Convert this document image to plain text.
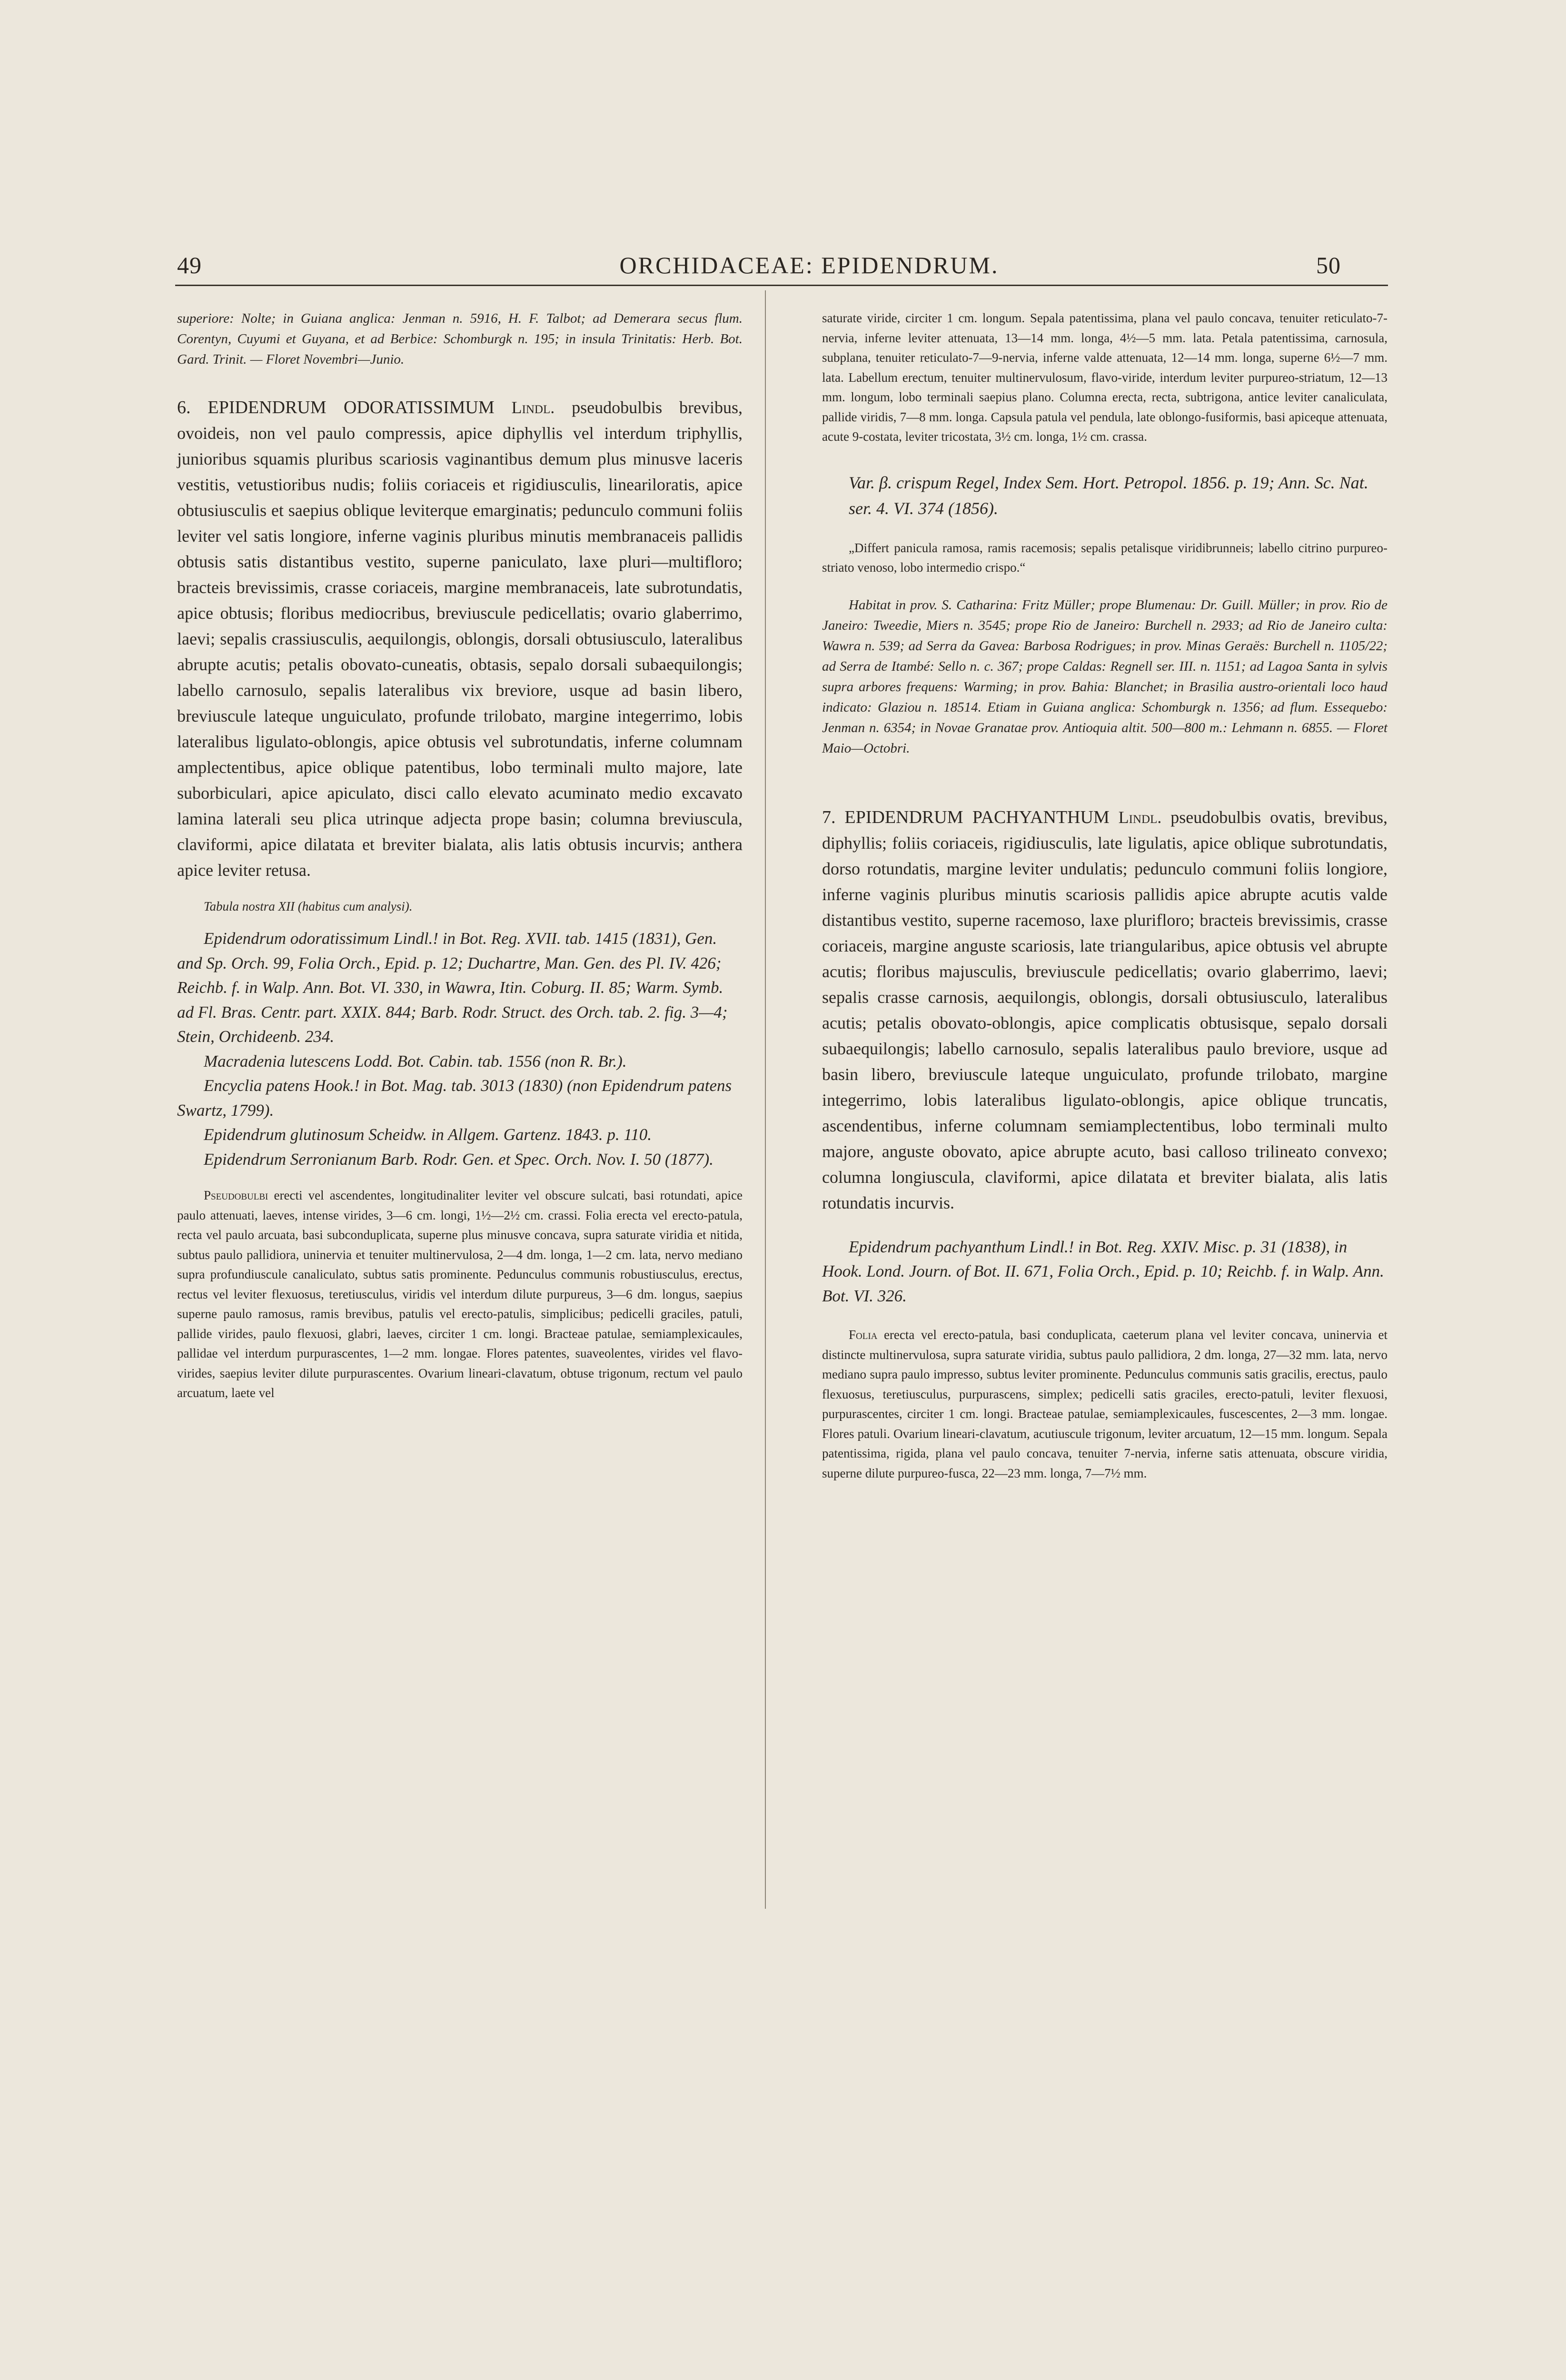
49	ORCHIDACEAE: EPIDENDRUM.	50

superiore: Nolte; in Guiana anglica: Jenman n. 5916, H. F. Talbot; ad Demerara secus flum. Corentyn, Cuyumi et Guyana, et ad Berbice: Schomburgk n. 195; in insula Trinitatis: Herb. Bot. Gard. Trinit. — Floret Novembri—Junio.

6. EPIDENDRUM ODORATISSIMUM Lindl. pseudobulbis brevibus, ovoideis, non vel paulo compressis, apice diphyllis vel interdum triphyllis, junioribus squamis pluribus scariosis vaginantibus demum plus minusve laceris vestitis, vetustioribus nudis; foliis coriaceis et rigidiusculis, lineariloratis, apice obtusiusculis et saepius oblique leviterque emarginatis; pedunculo communi foliis leviter vel satis longiore, inferne vaginis pluribus minutis membranaceis pallidis obtusis satis distantibus vestito, superne paniculato, laxe pluri—multifloro; bracteis brevissimis, crasse coriaceis, margine membranaceis, late subrotundatis, apice obtusis; floribus mediocribus, breviuscule pedicellatis; ovario glaberrimo, laevi; sepalis crassiusculis, aequilongis, oblongis, dorsali obtusiusculo, lateralibus abrupte acutis; petalis obovato-cuneatis, obtasis, sepalo dorsali subaequilongis; labello carnosulo, sepalis lateralibus vix breviore, usque ad basin libero, breviuscule lateque unguiculato, profunde trilobato, margine integerrimo, lobis lateralibus ligulato-oblongis, apice obtusis vel subrotundatis, inferne columnam amplectentibus, apice oblique patentibus, lobo terminali multo majore, late suborbiculari, apice apiculato, disci callo elevato acuminato medio excavato lamina laterali seu plica utrinque adjecta prope basin; columna breviuscula, claviformi, apice dilatata et breviter bialata, alis latis obtusis incurvis; anthera apice leviter retusa.

Tabula nostra XII (habitus cum analysi).

Epidendrum odoratissimum Lindl.! in Bot. Reg. XVII. tab. 1415 (1831), Gen. and Sp. Orch. 99, Folia Orch., Epid. p. 12; Duchartre, Man. Gen. des Pl. IV. 426; Reichb. f. in Walp. Ann. Bot. VI. 330, in Wawra, Itin. Coburg. II. 85; Warm. Symb. ad Fl. Bras. Centr. part. XXIX. 844; Barb. Rodr. Struct. des Orch. tab. 2. fig. 3—4; Stein, Orchideenb. 234.

Macradenia lutescens Lodd. Bot. Cabin. tab. 1556 (non R. Br.).

Encyclia patens Hook.! in Bot. Mag. tab. 3013 (1830) (non Epidendrum patens Swartz, 1799).

Epidendrum glutinosum Scheidw. in Allgem. Gartenz. 1843. p. 110.

Epidendrum Serronianum Barb. Rodr. Gen. et Spec. Orch. Nov. I. 50 (1877).

Pseudobulbi erecti vel ascendentes, longitudinaliter leviter vel obscure sulcati, basi rotundati, apice paulo attenuati, laeves, intense virides, 3—6 cm. longi, 1½—2½ cm. crassi. Folia erecta vel erecto-patula, recta vel paulo arcuata, basi subconduplicata, superne plus minusve concava, supra saturate viridia et nitida, subtus paulo pallidiora, uninervia et tenuiter multinervulosa, 2—4 dm. longa, 1—2 cm. lata, nervo mediano supra profundiuscule canaliculato, subtus satis prominente. Pedunculus communis robustiusculus, erectus, rectus vel leviter flexuosus, teretiusculus, viridis vel interdum dilute purpureus, 3—6 dm. longus, saepius superne paulo ramosus, ramis brevibus, patulis vel erecto-patulis, simplicibus; pedicelli graciles, patuli, pallide virides, paulo flexuosi, glabri, laeves, circiter 1 cm. longi. Bracteae patulae, semiamplexicaules, pallidae vel interdum purpurascentes, 1—2 mm. longae. Flores patentes, suaveolentes, virides vel flavo-virides, saepius leviter dilute purpurascentes. Ovarium lineari-clavatum, obtuse trigonum, rectum vel paulo arcuatum, laete vel

saturate viride, circiter 1 cm. longum. Sepala patentissima, plana vel paulo concava, tenuiter reticulato-7-nervia, inferne leviter attenuata, 13—14 mm. longa, 4½—5 mm. lata. Petala patentissima, carnosula, subplana, tenuiter reticulato-7—9-nervia, inferne valde attenuata, 12—14 mm. longa, superne 6½—7 mm. lata. Labellum erectum, tenuiter multinervulosum, flavo-viride, interdum leviter purpureo-striatum, 12—13 mm. longum, lobo terminali saepius plano. Columna erecta, recta, subtrigona, antice leviter canaliculata, pallide viridis, 7—8 mm. longa. Capsula patula vel pendula, late oblongo-fusiformis, basi apiceque attenuata, acute 9-costata, leviter tricostata, 3½ cm. longa, 1½ cm. crassa.

Var. β. crispum Regel, Index Sem. Hort. Petropol. 1856. p. 19; Ann. Sc. Nat. ser. 4. VI. 374 (1856).

„Differt panicula ramosa, ramis racemosis; sepalis petalisque viridibrunneis; labello citrino purpureo-striato venoso, lobo intermedio crispo.“

Habitat in prov. S. Catharina: Fritz Müller; prope Blumenau: Dr. Guill. Müller; in prov. Rio de Janeiro: Tweedie, Miers n. 3545; prope Rio de Janeiro: Burchell n. 2933; ad Rio de Janeiro culta: Wawra n. 539; ad Serra da Gavea: Barbosa Rodrigues; in prov. Minas Geraës: Burchell n. 1105/22; ad Serra de Itambé: Sello n. c. 367; prope Caldas: Regnell ser. III. n. 1151; ad Lagoa Santa in sylvis supra arbores frequens: Warming; in prov. Bahia: Blanchet; in Brasilia austro-orientali loco haud indicato: Glaziou n. 18514. Etiam in Guiana anglica: Schomburgk n. 1356; ad flum. Essequebo: Jenman n. 6354; in Novae Granatae prov. Antioquia altit. 500—800 m.: Lehmann n. 6855. — Floret Maio—Octobri.

7. EPIDENDRUM PACHYANTHUM Lindl. pseudobulbis ovatis, brevibus, diphyllis; foliis coriaceis, rigidiusculis, late ligulatis, apice oblique subrotundatis, dorso rotundatis, margine leviter undulatis; pedunculo communi foliis longiore, inferne vaginis pluribus minutis scariosis pallidis apice abrupte acutis valde distantibus vestito, superne racemoso, laxe plurifloro; bracteis brevissimis, crasse coriaceis, margine anguste scariosis, late triangularibus, apice obtusis vel abrupte acutis; floribus majusculis, breviuscule pedicellatis; ovario glaberrimo, laevi; sepalis crasse carnosis, aequilongis, oblongis, dorsali obtusiusculo, lateralibus acutis; petalis obovato-oblongis, apice complicatis obtusisque, sepalo dorsali subaequilongis; labello carnosulo, sepalis lateralibus paulo breviore, usque ad basin libero, breviuscule lateque unguiculato, profunde trilobato, margine integerrimo, lobis lateralibus ligulato-oblongis, apice oblique truncatis, ascendentibus, inferne columnam semiamplectentibus, lobo terminali multo majore, anguste obovato, apice abrupte acuto, basi calloso trilineato convexo; columna longiuscula, claviformi, apice dilatata et breviter bialata, alis latis rotundatis incurvis.

Epidendrum pachyanthum Lindl.! in Bot. Reg. XXIV. Misc. p. 31 (1838), in Hook. Lond. Journ. of Bot. II. 671, Folia Orch., Epid. p. 10; Reichb. f. in Walp. Ann. Bot. VI. 326.

Folia erecta vel erecto-patula, basi conduplicata, caeterum plana vel leviter concava, uninervia et distincte multinervulosa, supra saturate viridia, subtus paulo pallidiora, 2 dm. longa, 27—32 mm. lata, nervo mediano supra paulo impresso, subtus leviter prominente. Pedunculus communis satis gracilis, erectus, paulo flexuosus, teretiusculus, purpurascens, simplex; pedicelli satis graciles, erecto-patuli, leviter flexuosi, purpurascentes, circiter 1 cm. longi. Bracteae patulae, semiamplexicaules, fuscescentes, 2—3 mm. longae. Flores patuli. Ovarium lineari-clavatum, acutiuscule trigonum, leviter arcuatum, 12—15 mm. longum. Sepala patentissima, rigida, plana vel paulo concava, tenuiter 7-nervia, inferne satis attenuata, obscure viridia, superne dilute purpureo-fusca, 22—23 mm. longa, 7—7½ mm.
